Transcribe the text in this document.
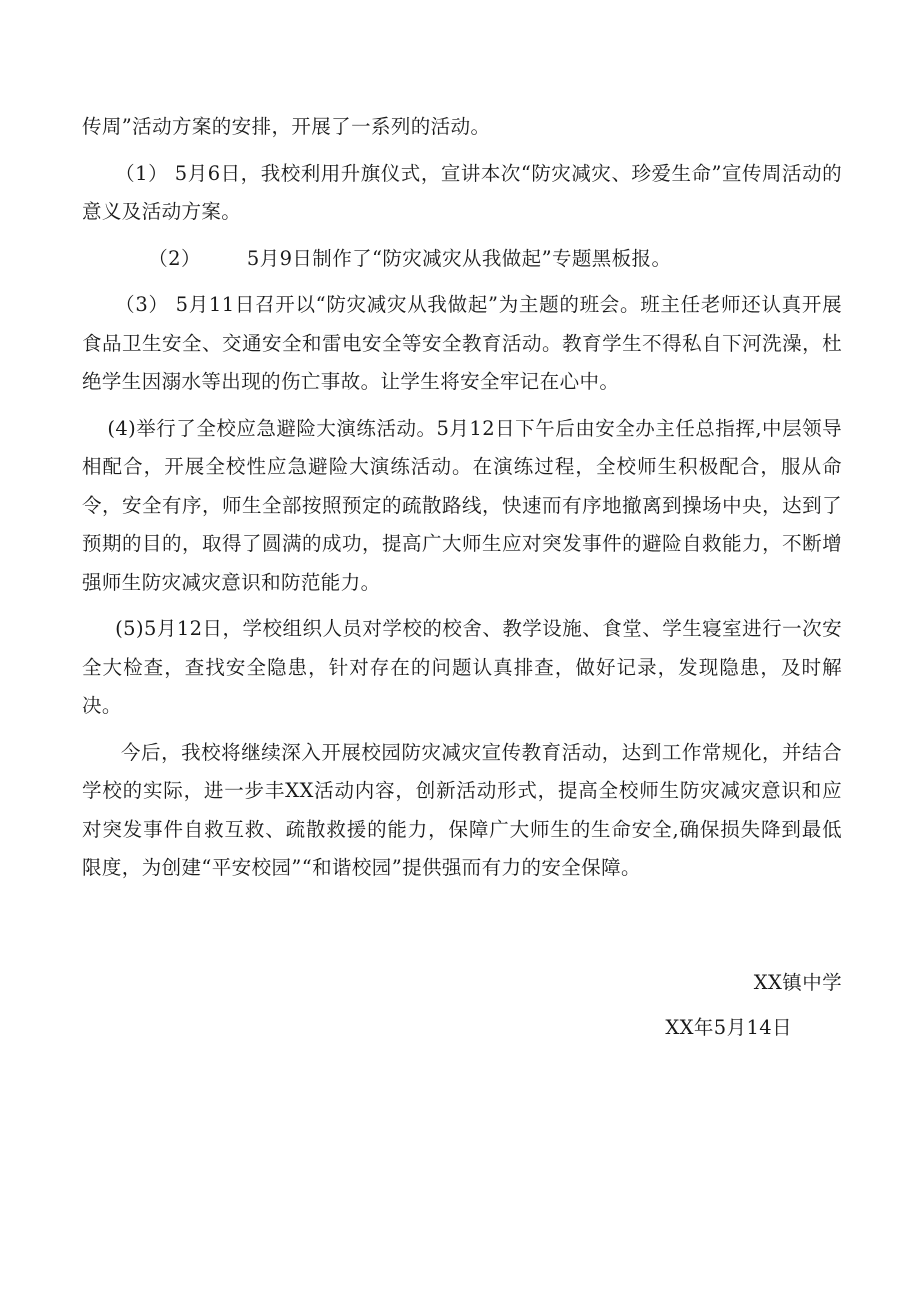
传周”活动方案的安排，开展了一系列的活动。

（1） 5月6日，我校利用升旗仪式，宣讲本次“防灾减灾、珍爱生命”宣传周活动的意义及活动方案。

（2） 5月9日制作了“防灾减灾从我做起”专题黑板报。

（3） 5月11日召开以“防灾减灾从我做起”为主题的班会。班主任老师还认真开展食品卫生安全、交通安全和雷电安全等安全教育活动。教育学生不得私自下河洗澡，杜绝学生因溺水等出现的伤亡事故。让学生将安全牢记在心中。

(4)举行了全校应急避险大演练活动。5月12日下午后由安全办主任总指挥,中层领导相配合，开展全校性应急避险大演练活动。在演练过程，全校师生积极配合，服从命令，安全有序，师生全部按照预定的疏散路线，快速而有序地撤离到操场中央，达到了预期的目的，取得了圆满的成功，提高广大师生应对突发事件的避险自救能力，不断增强师生防灾减灾意识和防范能力。

(5)5月12日，学校组织人员对学校的校舍、教学设施、食堂、学生寝室进行一次安全大检查，查找安全隐患，针对存在的问题认真排查，做好记录，发现隐患，及时解决。

今后，我校将继续深入开展校园防灾减灾宣传教育活动，达到工作常规化，并结合学校的实际，进一步丰XX活动内容，创新活动形式，提高全校师生防灾减灾意识和应对突发事件自救互救、疏散救援的能力，保障广大师生的生命安全,确保损失降到最低限度，为创建“平安校园”“和谐校园”提供强而有力的安全保障。

XX镇中学
XX年5月14日
